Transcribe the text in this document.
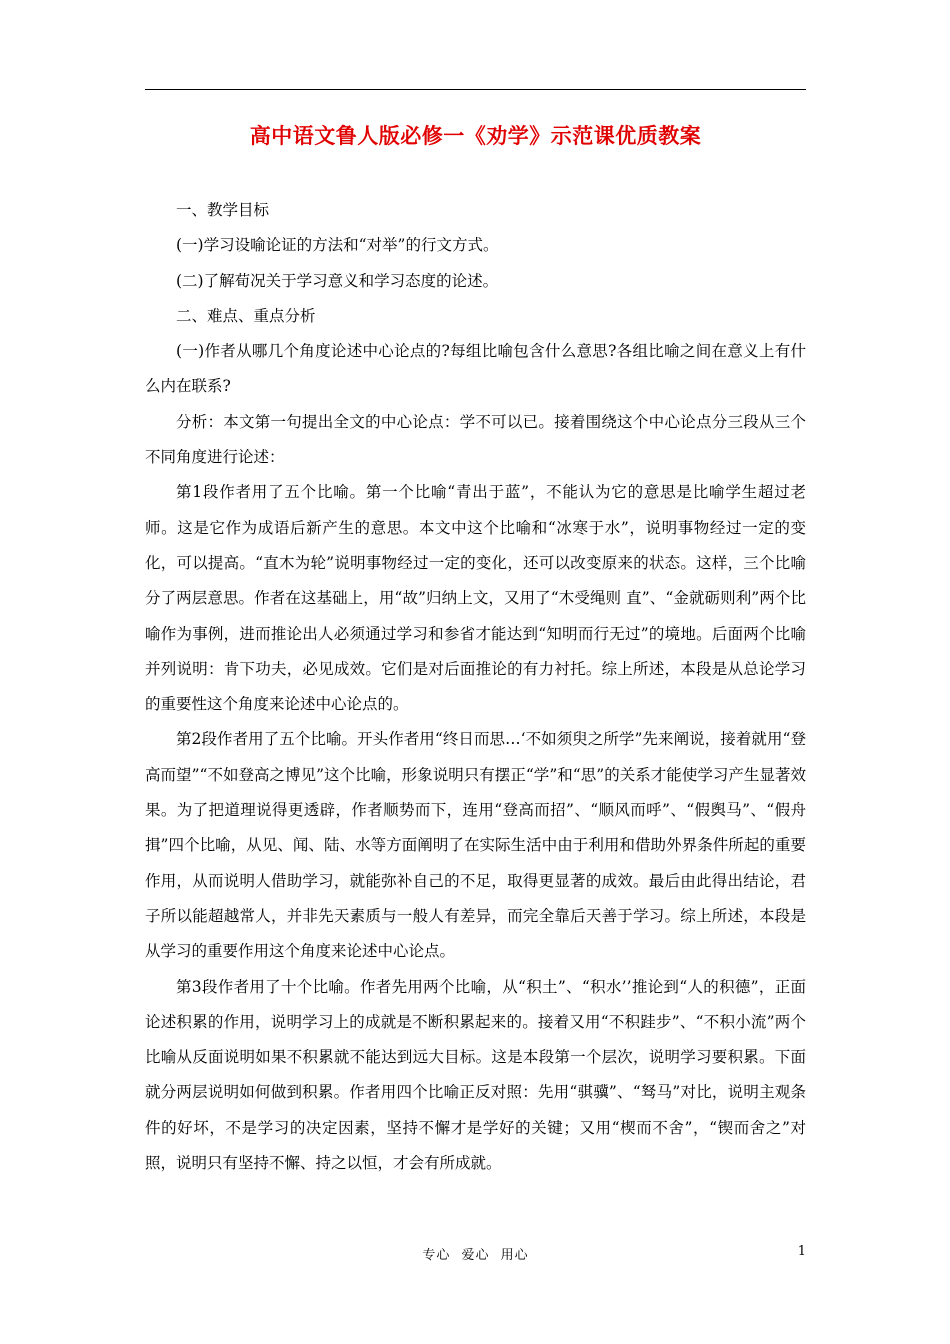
高中语文鲁人版必修一《劝学》示范课优质教案

一、教学目标

(一)学习设喻论证的方法和“对举”的行文方式。

(二)了解荀况关于学习意义和学习态度的论述。

二、难点、重点分析

(一)作者从哪几个角度论述中心论点的?每组比喻包含什么意思?各组比喻之间在意义上有什么内在联系?

分析：本文第一句提出全文的中心论点：学不可以已。接着围绕这个中心论点分三段从三个不同角度进行论述：

第1段作者用了五个比喻。第一个比喻“青出于蓝”，不能认为它的意思是比喻学生超过老师。这是它作为成语后新产生的意思。本文中这个比喻和“冰寒于水”，说明事物经过一定的变化，可以提高。“直木为轮”说明事物经过一定的变化，还可以改变原来的状态。这样，三个比喻分了两层意思。作者在这基础上，用“故”归纳上文，又用了“木受绳则 直”、“金就砺则利”两个比喻作为事例，进而推论出人必须通过学习和参省才能达到“知明而行无过”的境地。后面两个比喻并列说明：肯下功夫，必见成效。它们是对后面推论的有力衬托。综上所述，本段是从总论学习的重要性这个角度来论述中心论点的。

第2段作者用了五个比喻。开头作者用“终日而思…‘不如须臾之所学”先来阐说，接着就用“登高而望”“不如登高之博见”这个比喻，形象说明只有摆正“学”和“思”的关系才能使学习产生显著效果。为了把道理说得更透辟，作者顺势而下，连用“登高而招”、“顺风而呼”、“假舆马”、“假舟揖”四个比喻，从见、闻、陆、水等方面阐明了在实际生活中由于利用和借助外界条件所起的重要作用，从而说明人借助学习，就能弥补自己的不足，取得更显著的成效。最后由此得出结论，君子所以能超越常人，并非先天素质与一般人有差异，而完全靠后天善于学习。综上所述，本段是从学习的重要作用这个角度来论述中心论点。

第3段作者用了十个比喻。作者先用两个比喻，从“积土”、“积水’’推论到“人的积德”，正面论述积累的作用，说明学习上的成就是不断积累起来的。接着又用“不积跬步”、“不积小流”两个比喻从反面说明如果不积累就不能达到远大目标。这是本段第一个层次，说明学习要积累。下面就分两层说明如何做到积累。作者用四个比喻正反对照：先用“骐骥”、“驽马”对比，说明主观条件的好坏，不是学习的决定因素，坚持不懈才是学好的关键；又用“楔而不舍”，“锲而舍之”对照，说明只有坚持不懈、持之以恒，才会有所成就。

专心 爱心 用心	1
